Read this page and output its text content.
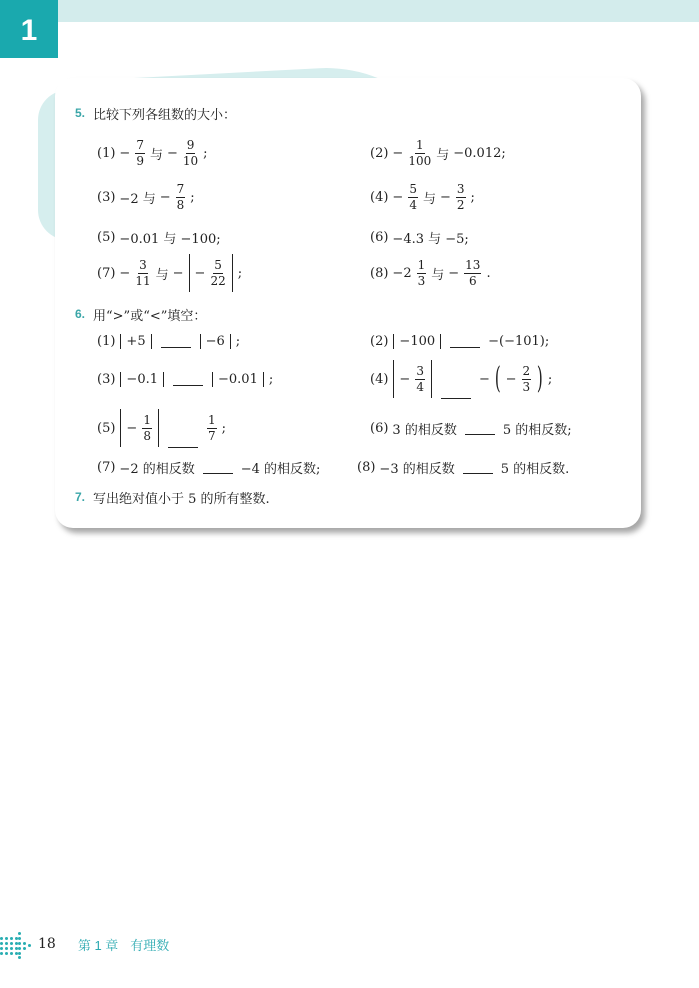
1
5. 比较下列各组数的大小：
6. 用“>”或“<”填空：
7. 写出绝对值小于 5 的所有整数.
$(1) - \frac{7}{9}$ 与 − $\frac{9}{10}$ ;	$(2) - \frac{1}{100}$ 与 −0.012;
(3) −2 与 − $\frac{7}{8}$ ;	$(4) - \frac{5}{4}$ 与 − $\frac{3}{2}$ ;
(5) −0.01 与 −100;	(6) −4.3 与 −5;
$(7) - \frac{3}{11}$ 与 − − $\frac{5}{22}$ ;	$(8) -2 \frac{1}{3}$ 与 − $\frac{13}{6}$ .
(1) +5	−6 ;	(2) −100	−(−101);
(3) −0.1	−0.01 ;	$(4) - \frac{3}{4}$	− ( − $\frac{2}{3}$ ) ;
$(5) - \frac{1}{8}$	$\frac{1}{7}$ ;	(6) 3 的相反数	5 的相反数;
(7) −2 的相反数	−4 的相反数;	(8) −3 的相反数	5 的相反数.
18 第 1 章 有理数
